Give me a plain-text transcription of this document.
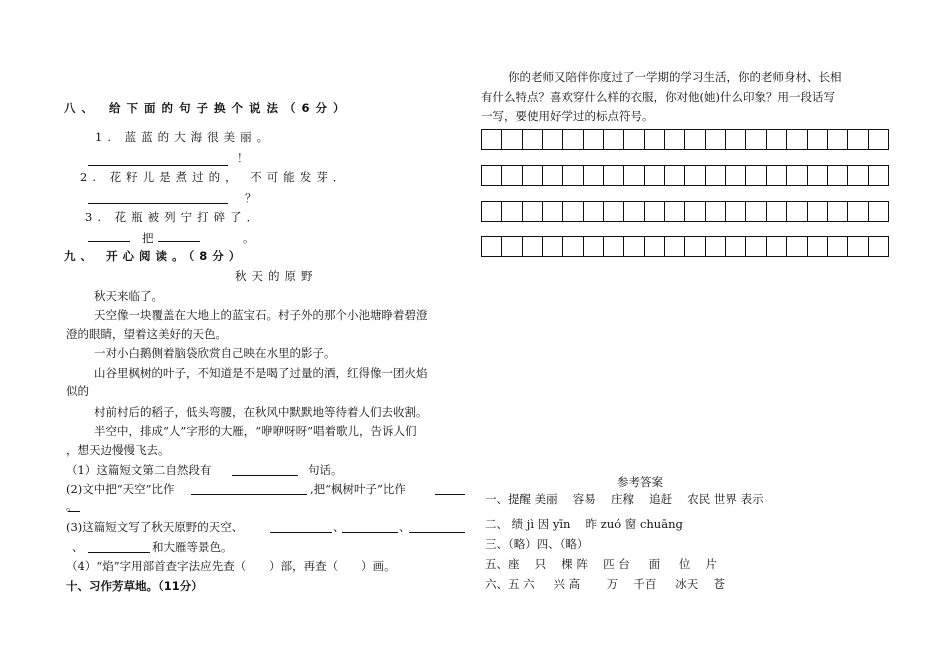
八、 给下面的句子换个说法（6分）
1. 蓝蓝的大海很美丽。
！
2. 花籽儿是煮过的， 不可能发芽．
？
3. 花瓶被列宁打碎了．
把	。
九、 开心阅读。（8分）
秋天的原野
秋天来临了。
天空像一块覆盖在大地上的蓝宝石。村子外的那个小池塘睁着碧澄
澄的眼睛，望着这美好的天色。
一对小白鹅侧着脑袋欣赏自己映在水里的影子。
山谷里枫树的叶子，不知道是不是喝了过量的酒，红得像一团火焰
似的
村前村后的稻子，低头弯腰，在秋风中默默地等待着人们去收割。
半空中，排成“人”字形的大雁，“咿咿呀呀”唱着歌儿，告诉人们
，想天边慢慢飞去。
（1）这篇短文第二自然段有	句话。
(2)文中把“天空”比作	,把“枫树叶子”比作
。
(3)这篇短文写了秋天原野的天空、	、	、
、	和大雁等景色。
（4）“焰”字用部首查字法应先查（　　）部，再查（　　）画。
十、习作芳草地。（11分）
你的老师又陪伴你度过了一学期的学习生活，你的老师身材、长相
有什么特点？喜欢穿什么样的衣服，你对他(她)什么印象？用一段话写
一写，要使用好学过的标点符号。
参考答案
一、提醒 美丽 　容易 　庄稼 　追赶 　农民 世界 表示
二、 绩 jì 因 yīn 　昨 zuó 窗 chuāng
三、（略）四、（略）
五、座 　只 　棵 阵 　匹 台 　 面 　 位 　片
六、五 六 　 兴 高 　　万 　千百 　 冰天 　苍
